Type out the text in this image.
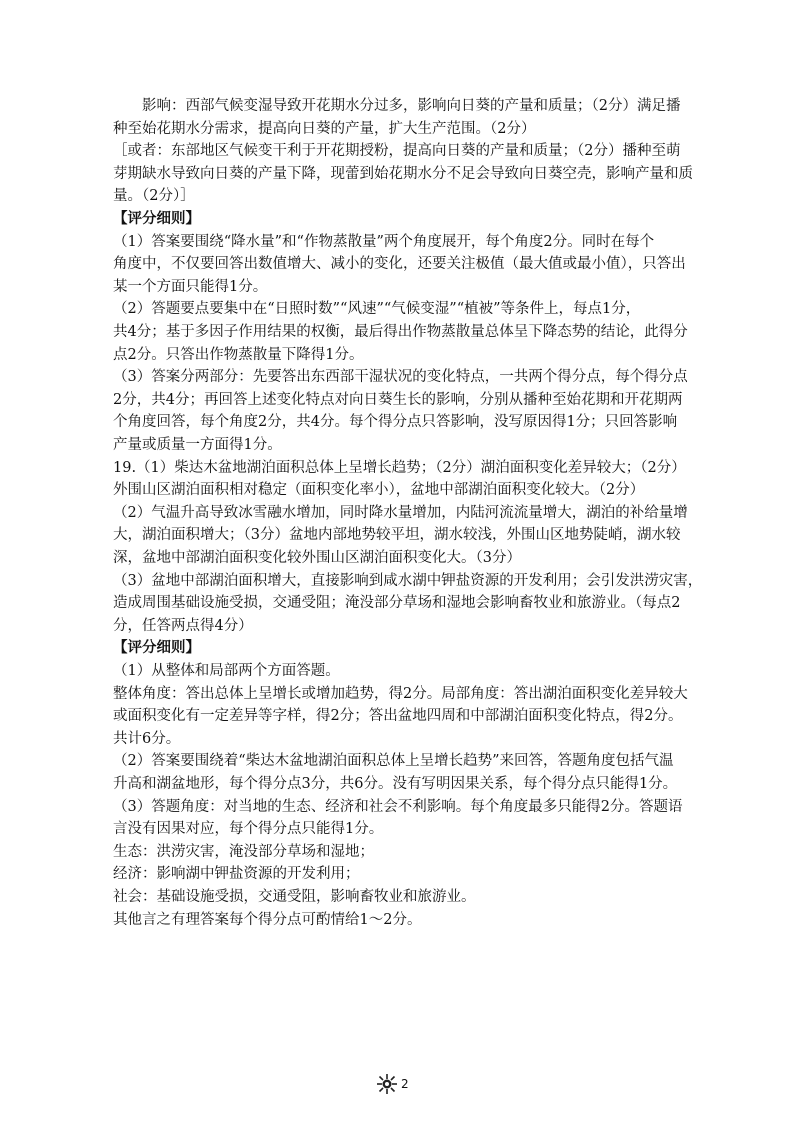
　　影响：西部气候变湿导致开花期水分过多，影响向日葵的产量和质量；（2分）满足播
种至始花期水分需求，提高向日葵的产量，扩大生产范围。（2分）
［或者：东部地区气候变干利于开花期授粉，提高向日葵的产量和质量；（2分）播种至萌
芽期缺水导致向日葵的产量下降，现蕾到始花期水分不足会导致向日葵空壳，影响产量和质
量。（2分）］
【评分细则】
（1）答案要围绕“降水量”和“作物蒸散量”两个角度展开，每个角度2分。同时在每个
角度中，不仅要回答出数值增大、减小的变化，还要关注极值（最大值或最小值），只答出
某一个方面只能得1分。
（2）答题要点要集中在“日照时数”“风速”“气候变湿”“植被”等条件上，每点1分，
共4分；基于多因子作用结果的权衡，最后得出作物蒸散量总体呈下降态势的结论，此得分
点2分。只答出作物蒸散量下降得1分。
（3）答案分两部分：先要答出东西部干湿状况的变化特点，一共两个得分点，每个得分点
2分，共4分；再回答上述变化特点对向日葵生长的影响，分别从播种至始花期和开花期两
个角度回答，每个角度2分，共4分。每个得分点只答影响，没写原因得1分；只回答影响
产量或质量一方面得1分。
19.（1）柴达木盆地湖泊面积总体上呈增长趋势；（2分）湖泊面积变化差异较大；（2分）
外围山区湖泊面积相对稳定（面积变化率小），盆地中部湖泊面积变化较大。（2分）
（2）气温升高导致冰雪融水增加，同时降水量增加，内陆河流流量增大，湖泊的补给量增
大，湖泊面积增大；（3分）盆地内部地势较平坦，湖水较浅，外围山区地势陡峭，湖水较
深，盆地中部湖泊面积变化较外围山区湖泊面积变化大。（3分）
（3）盆地中部湖泊面积增大，直接影响到咸水湖中钾盐资源的开发利用；会引发洪涝灾害，
造成周围基础设施受损，交通受阻；淹没部分草场和湿地会影响畜牧业和旅游业。（每点2
分，任答两点得4分）
【评分细则】
（1）从整体和局部两个方面答题。
整体角度：答出总体上呈增长或增加趋势，得2分。局部角度：答出湖泊面积变化差异较大
或面积变化有一定差异等字样，得2分；答出盆地四周和中部湖泊面积变化特点，得2分。
共计6分。
（2）答案要围绕着“柴达木盆地湖泊面积总体上呈增长趋势”来回答，答题角度包括气温
升高和湖盆地形，每个得分点3分，共6分。没有写明因果关系，每个得分点只能得1分。
（3）答题角度：对当地的生态、经济和社会不利影响。每个角度最多只能得2分。答题语
言没有因果对应，每个得分点只能得1分。
生态：洪涝灾害，淹没部分草场和湿地；
经济：影响湖中钾盐资源的开发利用；
社会：基础设施受损，交通受阻，影响畜牧业和旅游业。
其他言之有理答案每个得分点可酌情给1～2分。
2
